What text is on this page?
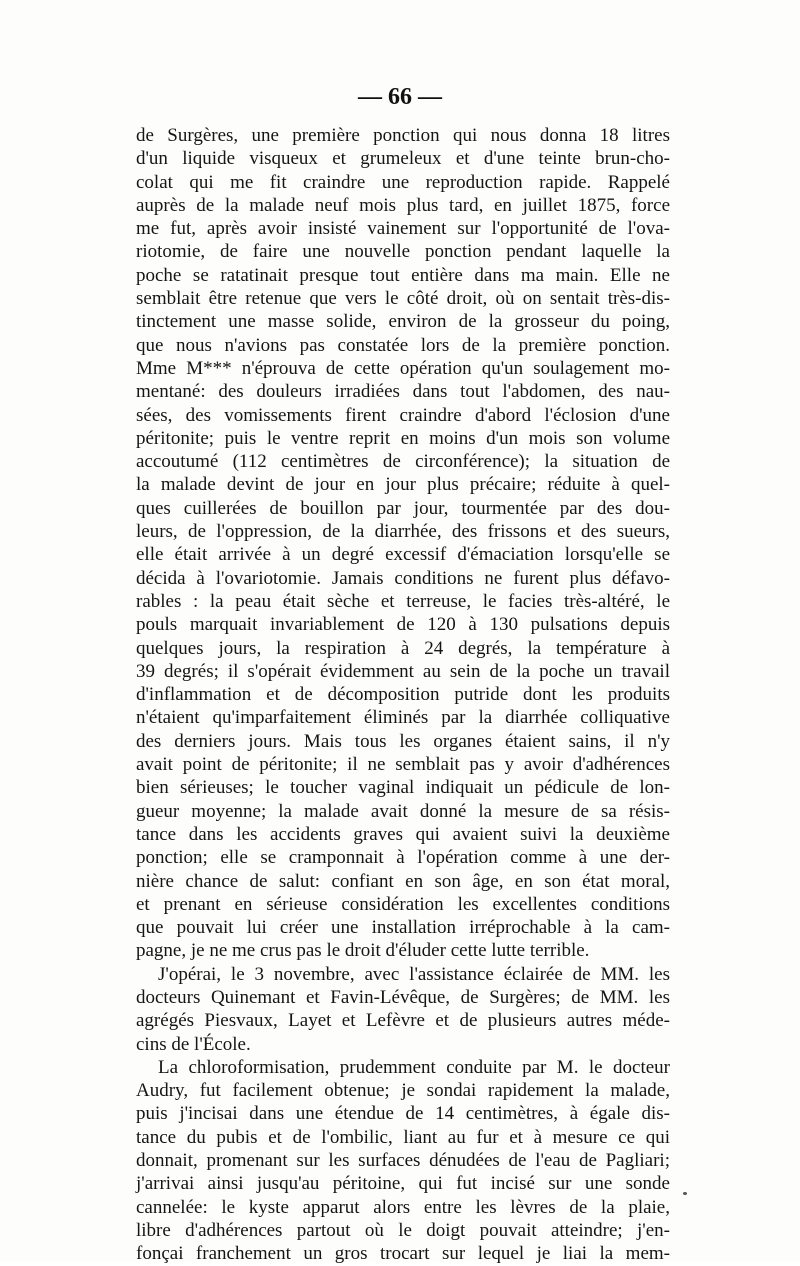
— 66 —
de Surgères, une première ponction qui nous donna 18 litres
d'un liquide visqueux et grumeleux et d'une teinte brun-cho-
colat qui me fit craindre une reproduction rapide. Rappelé
auprès de la malade neuf mois plus tard, en juillet 1875, force
me fut, après avoir insisté vainement sur l'opportunité de l'ova-
riotomie, de faire une nouvelle ponction pendant laquelle la
poche se ratatinait presque tout entière dans ma main. Elle ne
semblait être retenue que vers le côté droit, où on sentait très-dis-
tinctement une masse solide, environ de la grosseur du poing,
que nous n'avions pas constatée lors de la première ponction.
Mme M*** n'éprouva de cette opération qu'un soulagement mo-
mentané: des douleurs irradiées dans tout l'abdomen, des nau-
sées, des vomissements firent craindre d'abord l'éclosion d'une
péritonite; puis le ventre reprit en moins d'un mois son volume
accoutumé (112 centimètres de circonférence); la situation de
la malade devint de jour en jour plus précaire; réduite à quel-
ques cuillerées de bouillon par jour, tourmentée par des dou-
leurs, de l'oppression, de la diarrhée, des frissons et des sueurs,
elle était arrivée à un degré excessif d'émaciation lorsqu'elle se
décida à l'ovariotomie. Jamais conditions ne furent plus défavo-
rables : la peau était sèche et terreuse, le facies très-altéré, le
pouls marquait invariablement de 120 à 130 pulsations depuis
quelques jours, la respiration à 24 degrés, la température à
39 degrés; il s'opérait évidemment au sein de la poche un travail
d'inflammation et de décomposition putride dont les produits
n'étaient qu'imparfaitement éliminés par la diarrhée colliquative
des derniers jours. Mais tous les organes étaient sains, il n'y
avait point de péritonite; il ne semblait pas y avoir d'adhérences
bien sérieuses; le toucher vaginal indiquait un pédicule de lon-
gueur moyenne; la malade avait donné la mesure de sa résis-
tance dans les accidents graves qui avaient suivi la deuxième
ponction; elle se cramponnait à l'opération comme à une der-
nière chance de salut: confiant en son âge, en son état moral,
et prenant en sérieuse considération les excellentes conditions
que pouvait lui créer une installation irréprochable à la cam-
pagne, je ne me crus pas le droit d'éluder cette lutte terrible.
J'opérai, le 3 novembre, avec l'assistance éclairée de MM. les
docteurs Quinemant et Favin-Lévêque, de Surgères; de MM. les
agrégés Piesvaux, Layet et Lefèvre et de plusieurs autres méde-
cins de l'École.
La chloroformisation, prudemment conduite par M. le docteur
Audry, fut facilement obtenue; je sondai rapidement la malade,
puis j'incisai dans une étendue de 14 centimètres, à égale dis-
tance du pubis et de l'ombilic, liant au fur et à mesure ce qui
donnait, promenant sur les surfaces dénudées de l'eau de Pagliari;
j'arrivai ainsi jusqu'au péritoine, qui fut incisé sur une sonde
cannelée: le kyste apparut alors entre les lèvres de la plaie,
libre d'adhérences partout où le doigt pouvait atteindre; j'en-
fonçai franchement un gros trocart sur lequel je liai la mem-
